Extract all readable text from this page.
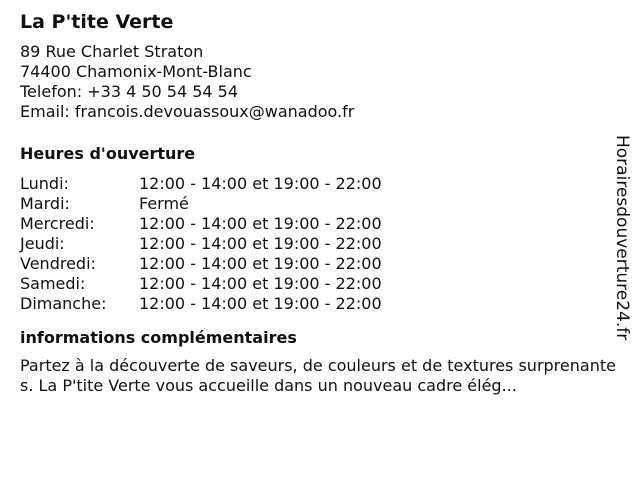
La P'tite Verte
89 Rue Charlet Straton
74400 Chamonix-Mont-Blanc
Telefon: +33 4 50 54 54 54
Email: francois.devouassoux@wanadoo.fr
Heures d'ouverture
Lundi:	12:00 - 14:00 et 19:00 - 22:00
Mardi:	Fermé
Mercredi:	12:00 - 14:00 et 19:00 - 22:00
Jeudi:	12:00 - 14:00 et 19:00 - 22:00
Vendredi:	12:00 - 14:00 et 19:00 - 22:00
Samedi:	12:00 - 14:00 et 19:00 - 22:00
Dimanche:	12:00 - 14:00 et 19:00 - 22:00
informations complémentaires
Partez à la découverte de saveurs, de couleurs et de textures surprenantes. La P'tite Verte vous accueille dans un nouveau cadre élég...
Horairesdouverture24.fr
